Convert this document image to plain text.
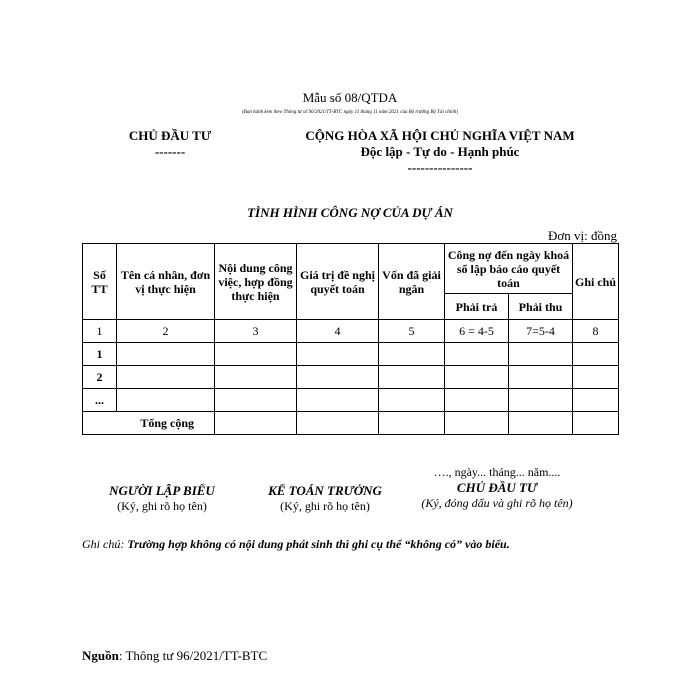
Mẫu số 08/QTDA
(Ban hành kèm theo Thông tư số 96/2021/TT-BTC ngày 11 tháng 11 năm 2021 của Bộ trưởng Bộ Tài chính)
CHỦ ĐẦU TƯ
-------
CỘNG HÒA XÃ HỘI CHỦ NGHĨA VIỆT NAM
Độc lập - Tự do - Hạnh phúc
---------------
TÌNH HÌNH CÔNG NỢ CỦA DỰ ÁN
Đơn vị: đồng
Số TT	Tên cá nhân, đơn vị thực hiện	Nội dung công việc, hợp đồng thực hiện	Giá trị đề nghị quyết toán	Vốn đã giải ngân	Công nợ đến ngày khoá sổ lập báo cáo quyết toán		Ghi chú
					Phải trả	Phải thu	
1	2	3	4	5	6 = 4-5	7=5-4	8
1							
2							
...							
Tổng cộng							
NGƯỜI LẬP BIỂU
(Ký, ghi rõ họ tên)
KẾ TOÁN TRƯỞNG
(Ký, ghi rõ họ tên)
…., ngày... tháng... năm....
CHỦ ĐẦU TƯ
(Ký, đóng dấu và ghi rõ họ tên)
Ghi chú: Trường hợp không có nội dung phát sinh thì ghi cụ thể “không có” vào biểu.
Nguồn: Thông tư 96/2021/TT-BTC
